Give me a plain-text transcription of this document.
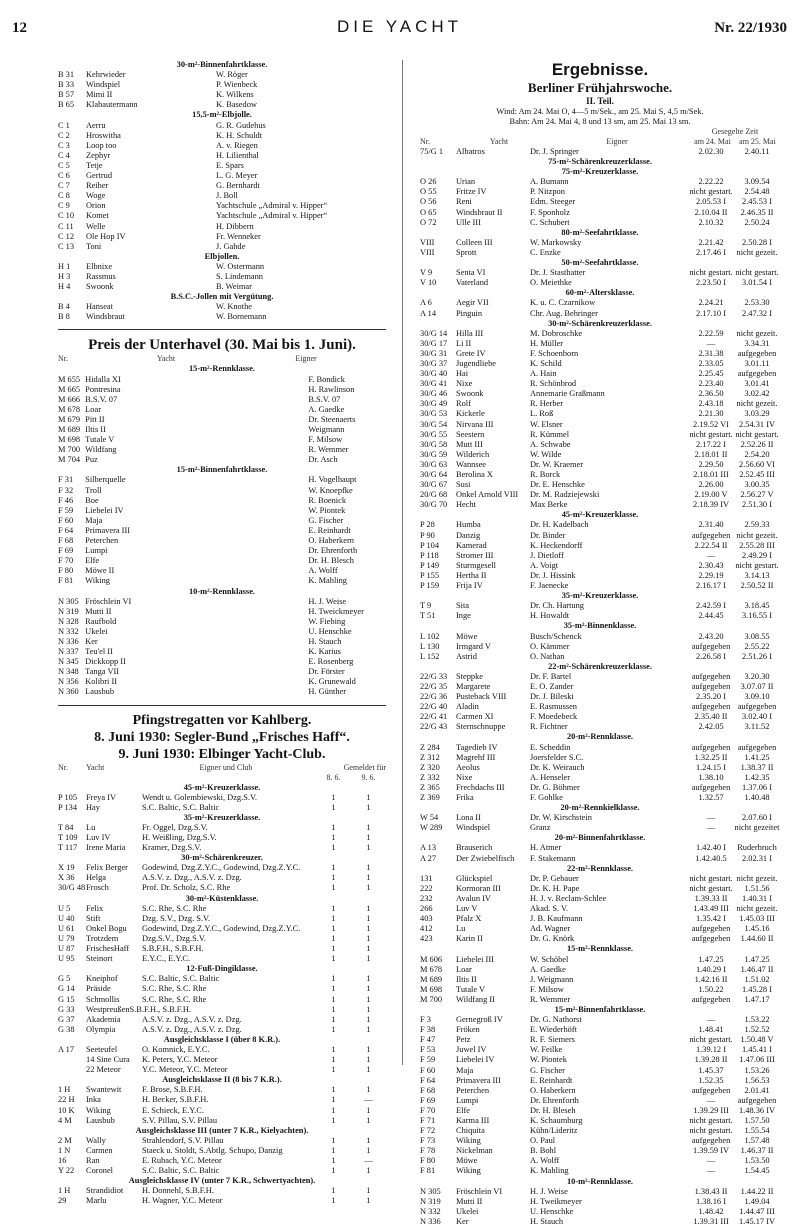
12	DIE YACHT	Nr. 22/1930
30-m²-Binnenfahrtklasse.
B 31	Kehrwieder	W. Röger
B 33	Windspiel	P. Wienbeck
B 57	Mimi II	K. Wilkens
B 65	Klabautermann	K. Basedow
15,5-m²-Elbjolle.
C 1	Aerru	G. R. Gudehus
C 2	Hroswitha	K. H. Schuldt
C 3	Loop too	A. v. Riegen
C 4	Zephyr	H. Lilienthal
C 5	Tetje	E. Spars
C 6	Gertrud	L. G. Meyer
C 7	Reiher	G. Bernhardt
C 8	Woge	J. Boll
C 9	Orion	Yachtschule „Admiral v. Hipper“
C 10	Komet	Yachtschule „Admiral v. Hipper“
C 11	Welle	H. Dibbern
C 12	Ole Hop IV	Fr. Wenneker
C 13	Toni	J. Gahde
Elbjollen.
H 1	Elbnixe	W. Ostermann
H 3	Rassmus	S. Lindemann
H 4	Swoonk	B. Weimar
B.S.C.-Jollen mit Vergütung.
B 4	Hanseat	W. Knothe
B 8	Windsbraut	W. Bornemann
Preis der Unterhavel (30. Mai bis 1. Juni).
Nr.	Yacht	Eigner
15-m²-Rennklasse.
M 655 Hidalla XI	F. Bondick
M 665 Pontresina	H. Rawlinson
M 666 B.S.V. 07	B.S.V. 07
M 678 Loar	A. Gaedke
M 679 Pitt II	Dr. Steenaerts
M 689 Iltis II	Weigmann
M 698 Tutale V	F. Milsow
M 700 Wildfang	R. Wemmer
M 704 Puz	Dr. Asch
15-m²-Binnenfahrtklasse.
F 31	Silberquelle	H. Vogelhaupt
F 32	Troll	W. Knoepfke
F 46	Boe	R. Boenick
F 59	Liebelei IV	W. Piontek
F 60	Maja	G. Fischer
F 64	Primavera III	E. Reinhardt
F 68	Peterchen	O. Haberkern
F 69	Lumpi	Dr. Ehrenforth
F 70	Elfe	Dr. H. Blesch
F 80	Möwe II	A. Wolff
F 81	Wiking	K. Mahling
10-m²-Rennklasse.
N 305 Fröschlein VI	H. J. Weise
N 319 Mutti II	H. Tweickmeyer
N 328 Raufbold	W. Fiebing
N 332 Ukelei	U. Henschke
N 336 Ker	H. Stauch
N 337 Teu'el II	K. Karius
N 345 Dickkopp II	E. Rosenberg
N 348 Tanga VII	Dr. Förster
N 356 Kolibri II	K. Grunewald
N 360 Lausbub	H. Günther
Pfingstregatten vor Kahlberg.
8. Juni 1930: Segler-Bund „Frisches Haff“.
9. Juni 1930: Elbinger Yacht-Club.
Nr.	Yacht	Eigner und Club	Gemeldet für
8. 6.	9. 6.
45-m²-Kreuzerklasse.
P 105	Freya IV	Wendt u. Golembiewski, Dzg.S.V.	1	1
P 134	Hay	S.C. Baltic, S.C. Baltic	1	1
35-m²-Kreuzerklasse.
T 84	Lu	Fr. Oggel, Dzg.S.V.	1	1
T 109 Luv IV	H. Weißling, Dzg.S.V.	1	1
T 117	Irene Maria	Kramer, Dzg.S.V.	1	1
30-m²-Schärenkreuzer.
X 19	Felix Berger	Godewind, Dzg.Z.Y.C., Godewind, Dzg.Z.Y.C.	1	1
X 36	Helga	A.S.V. z. Dzg., A.S.V. z. Dzg.	1	1
30/G 48 Frosch	Prof. Dr. Scholz, S.C. Rhe	1	1
30-m²-Küstenklasse.
U 5	Felix	S.C. Rhe, S.C. Rhe	1	1
U 40	Stift	Dzg. S.V., Dzg. S.V.	1	1
U 61	Onkel Bogu	Godewind, Dzg.Z.Y.C., Godewind, Dzg.Z.Y.C.	1	1
U 79	Trotzdem	Dzg.S.V., Dzg.S.V.	1	1
U 87	FrischesHaff	S.B.F.H., S.B.F.H.	1	1
U 95	Steinort	E.Y.C., E.Y.C.	1	1
12-Fuß-Dingiklasse.
G 5	Kneiphof	S.C. Baltic, S.C. Baltic	1	1
G 14	Präside	S.C. Rhe, S.C. Rhe	1	1
G 15	Schmollis	S.C. Rhe, S.C. Rhe	1	1
G 33	WestpreußenS.B.F.H., S.B.F.H.	1	1
G 37	Akademia	A.S.V. z. Dzg., A.S.V. z. Dzg.	1	1
G 38	Olympia	A.S.V. z. Dzg., A.S.V. z. Dzg.	1	1
Ausgleichsklasse I (über 8 K.R.).
A 17	Seeteufel	O. Komnick, E.Y.C.	1	1
14 Sine Cura	K. Peters, Y.C. Meteor	1	1
22 Meteor	Y.C. Meteor, Y.C. Meteor	1	1
Ausgleichsklasse II (8 bis 7 K.R.).
1 H	Swantewit	F. Brose, S.B.F.H.	1	1
22 H	Inka	H. Becker, S.B.F.H.	1	—
10 K	Wiking	E. Schieck, E.Y.C.	1	1
4 M	Lausbub	S.V. Pillau, S.V. Pillau	1	1
Ausgleichsklasse III (unter 7 K.R., Kielyachten).
2 M	Wally	Strahlendorf, S.V. Pillau	1	1
1 N	Carmen	Staeck u. Stoldt, S.Abtlg. Schupo, Danzig	1	1
16	Ran	E. Rubach, Y.C. Meteor	1	—
Y 22	Coronel	S.C. Baltic, S.C. Baltic	1	1
Ausgleichsklasse IV (unter 7 K.R., Schwertyachten).
1 H	Strandidiot	H. Donnehl, S.B.F.H.	1	1
29	Marlu	H. Wagner, Y.C. Meteor	1	1
Ergebnisse.
Berliner Frühjahrswoche.
II. Teil.
Wind: Am 24. Mai O, 4—5 m/Sek., am 25. Mai S, 4,5 m/Sek.
Bahn: Am 24. Mai 4, 8 und 13 sm, am 25. Mai 13 sm.
Gesegelte Zeit
Nr.	Yacht	Eigner	am 24. Mai	am 25. Mai
75/G 1	Albatros	Dr. J. Springer	2.02.30	2.40.11
75-m²-Schärenkreuzerklasse.
75-m²-Kreuzerklasse.
O 26	Urian	A. Bumann	2.22.22	3.09.54
O 55	Fritze IV	P. Nitzpon	nicht gestart.	2.54.48
O 56	Reni	Edm. Steeger	2.05.53 I	2.45.53 I
O 65	Windsbraut II	F. Sponholz	2.10.04 II	2.46.35 II
O 72	Ulle III	C. Schubert	2.10.32	2.50.24
80-m²-Seefahrtklasse.
VIII	Colleen III	W. Markowsky	2.21.42	2.50.28 I
VIII	Sprott	C. Enzke	2.17.46 I	nicht gezeit.
50-m²-Seefahrtklasse.
V 9	Senta VI	Dr. J. Stasthatter	nicht gestart. nicht gestart.
V 10	Vaterland	O. Meiethke	2.23.50 I	3.01.54 I
60-m²-Altersklasse.
A 6	Aegir VII	K. u. C. Czarnikow	2.24.21	2.53.30
A 14	Pinguin	Chr. Aug. Behringer	2.17.10 I	2.47.32 I
30-m²-Schärenkreuzerklasse.
30/G 14	Hilla III	M. Dobroschke	2.22.59	nicht gezeit.
30/G 17	Li II	H. Müller	—	3.34.31
30/G 31	Grete IV	F. Schoenborn	2.31.38	aufgegeben
30/G 37	Jugendliebe	K. Schild	2.33.05	3.01.11
30/G 40	Hai	A. Hain	2.25.45	aufgegeben
30/G 41	Nixe	R. Schönbrod	2.23.40	3.01.41
30/G 46	Swoonk	Annemarie Graßmann	2.36.50	3.02.42
30/G 49	Rolf	R. Herber	2.43.18	nicht gezeit.
30/G 53	Kickerle	L. Roß	2.21.30	3.03.29
30/G 54	Nirvana III	W. Elsner	2.19.52 VI	2.54.31 IV
30/G 55	Seestern	R. Kümmel	nicht gestart. nicht gestart.
30/G 58	Mutt III	A. Schwabe	2.17.22 I	2.52.26 II
30/G 59	Wilderich	W. Wilde	2.18.01 II	2.54.20
30/G 63	Wannsee	Dr. W. Kraemer	2.29.50	2.56.60 VI
30/G 64	Berolina X	R. Borck	2.18.01 III	2.52.45 III
30/G 67	Susi	Dr. E. Henschke	2.26.00	3.00.35
20/G 68	Onkel Arnold VIII	Dr. M. Radziejewski	2.19.00 V	2.56.27 V
30/G 70	Hecht	Max Berke	2.18.39 IV	2.51.30 I
45-m²-Kreuzerklasse.
P 28	Humba	Dr. H. Kadelbach	2.31.40	2.59.33
P 90	Danzig	Dr. Binder	aufgegeben nicht gezeit.
P 104	Kamerad	K. Heckendorff	2.22.54 II	2.55.28 III
P 118	Stromer III	J. Dietloff	—	2.49.29 I
P 149	Sturmgesell	A. Voigt	2.30.43	nicht gestart.
P 155	Hertha II	Dr. J. Hissink	2.29.19	3.14.13
P 159	Frija IV	F. Jaenecke	2.16.17 I	2.50.52 II
35-m²-Kreuzerklasse.
T 9	Sita	Dr. Ch. Hartung	2.42.59 I	3.18.45
T 51	Inge	H. Howaldt	2.44.45	3.16.55 I
35-m²-Binnenklasse.
L 102	Möwe	Busch/Schenck	2.43.20	3.08.55
L 130	Irmgard V	O. Kämmer	aufgegeben	2.55.22
L 152	Astrid	O. Nathan	2.26.58 I	2.51.26 I
22-m²-Schärenkreuzerklasse.
22/G 33	Steppke	Dr. F. Bartel	aufgegeben	3.20.30
22/G 35	Margarete	E. O. Zander	aufgegeben	3.07.07 II
22/G 36	Pusteback VIII	Dr. J. Bileski	2.35.20 I	3.09.10
22/G 40	Aladin	E. Rasmussen	aufgegeben aufgegeben
22/G 41	Carmen XI	F. Moedebeck	2.35.40 II	3.02.40 I
22/G 43	Sternschnuppe	R. Fichtner	2.42.05	3.11.52
20-m²-Rennklasse.
Z 284	Tagedieb IV	E. Scheddin	aufgegeben aufgegeben
Z 312	Magrehf III	Joersfelder S.C.	1.32.25 II	1.41.25
Z 320	Aeolus	Dr. K. Weirauch	1.24.15 I	1.38.37 II
Z 332	Nixe	A. Henseler	1.38.10	1.42.35
Z 365	Frechdachs III	Dr. G. Böhmer	aufgegeben	1.37.06 I
Z 369	Frika	F. Gohlke	1.32.57	1.40.48
20-m²-Rennkielklasse.
W 54	Lona II	Dr. W. Kirschstein	—	2.07.60 I
W 289	Windspiel	Granz	—	nicht gezeitet
20-m²-Binnenfahrtklasse.
A 13	Brauserich	H. Atmer	1.42.40 I	Ruderbruch
A 27	Der Zwiebelfisch	F. Stakemann	1.42.40.5	2.02.31 I
22-m²-Rennklasse.
131	Glückspiel	Dr. P. Gebauer	nicht gestart. nicht gezeit.
222	Kormoran III	Dr. K. H. Pape	nicht gestart.	1.51.56
232	Avalun IV	H. J. v. Reclam-Schlee	1.39.33 II	1.40.31 I
266	Luv V	Akad. S. V.	1.43.49 III nicht gezeit.
403	Pfalz X	J. B. Kaufmann	1.35.42 I	1.45.03 III
412	Lu	Ad. Wagner	aufgegeben	1.45.16
423	Karin II	Dr. G. Knörk	aufgegeben	1.44.60 II
15-m²-Rennklasse.
M 606	Liebelei III	W. Schöbel	1.47.25	1.47.25
M 678	Loar	A. Gaedke	1.40.29 I	1.46.47 II
M 689	Iltis II	J. Weigmann	1.42.16 II	1.51.02
M 698	Tutale V	F. Milsow	1.50.22	1.45.28 I
M 700	Wildfang II	R. Wemmer	aufgegeben	1.47.17
15-m²-Binnenfahrtklasse.
F 3	Gernegroß IV	Dr. G. Nathorst	—	1.53.22
F 38	Fröken	E. Wiederhöft	1.48.41	1.52.52
F 47	Petz	R. F. Siemers	nicht gestart. 1.50.48 V
F 53	Juwel IV	W. Feilke	1.39.12 I	1.45.41 I
F 59	Liebelei IV	W. Piontek	1.39.28 II	1.47.06 III
F 60	Maja	G. Fischer	1.45.37	1.53.26
F 64	Primavera III	E. Reinhardt	1.52.35	1.56.53
F 68	Peterchen	O. Haberkern	aufgegeben	2.01.41
F 69	Lumpi	Dr. Ehrenforth	—	aufgegeben
F 70	Elfe	Dr. H. Bleseh	1.39.29 III	1.48.36 IV
F 71	Karma III	K. Schaumburg	nicht gestart.	1.57.50
F 72	Chiquita	Kühn/Lideritz	nicht gestart.	1.55.54
F 73	Wiking	O. Paul	aufgegeben	1.57.48
F 78	Nickelman	B. Bohl	1.39.59 IV	1.46.37 II
F 80	Möwe	A. Wolff	—	1.53.50
F 81	Wiking	K. Mahling	—	1.54.45
10-m²-Rennklasse.
N 305	Fröschlein VI	H. J. Weise	1.38.43 II	1.44.22 II
N 319	Mutti II	H. Tweikmeyer	1.38.16 I	1.49.04
N 332	Ukelei	U. Henschke	1.48.42	1.44.47 III
N 336	Ker	H. Stauch	1.39.31 III	1.45.17 IV
